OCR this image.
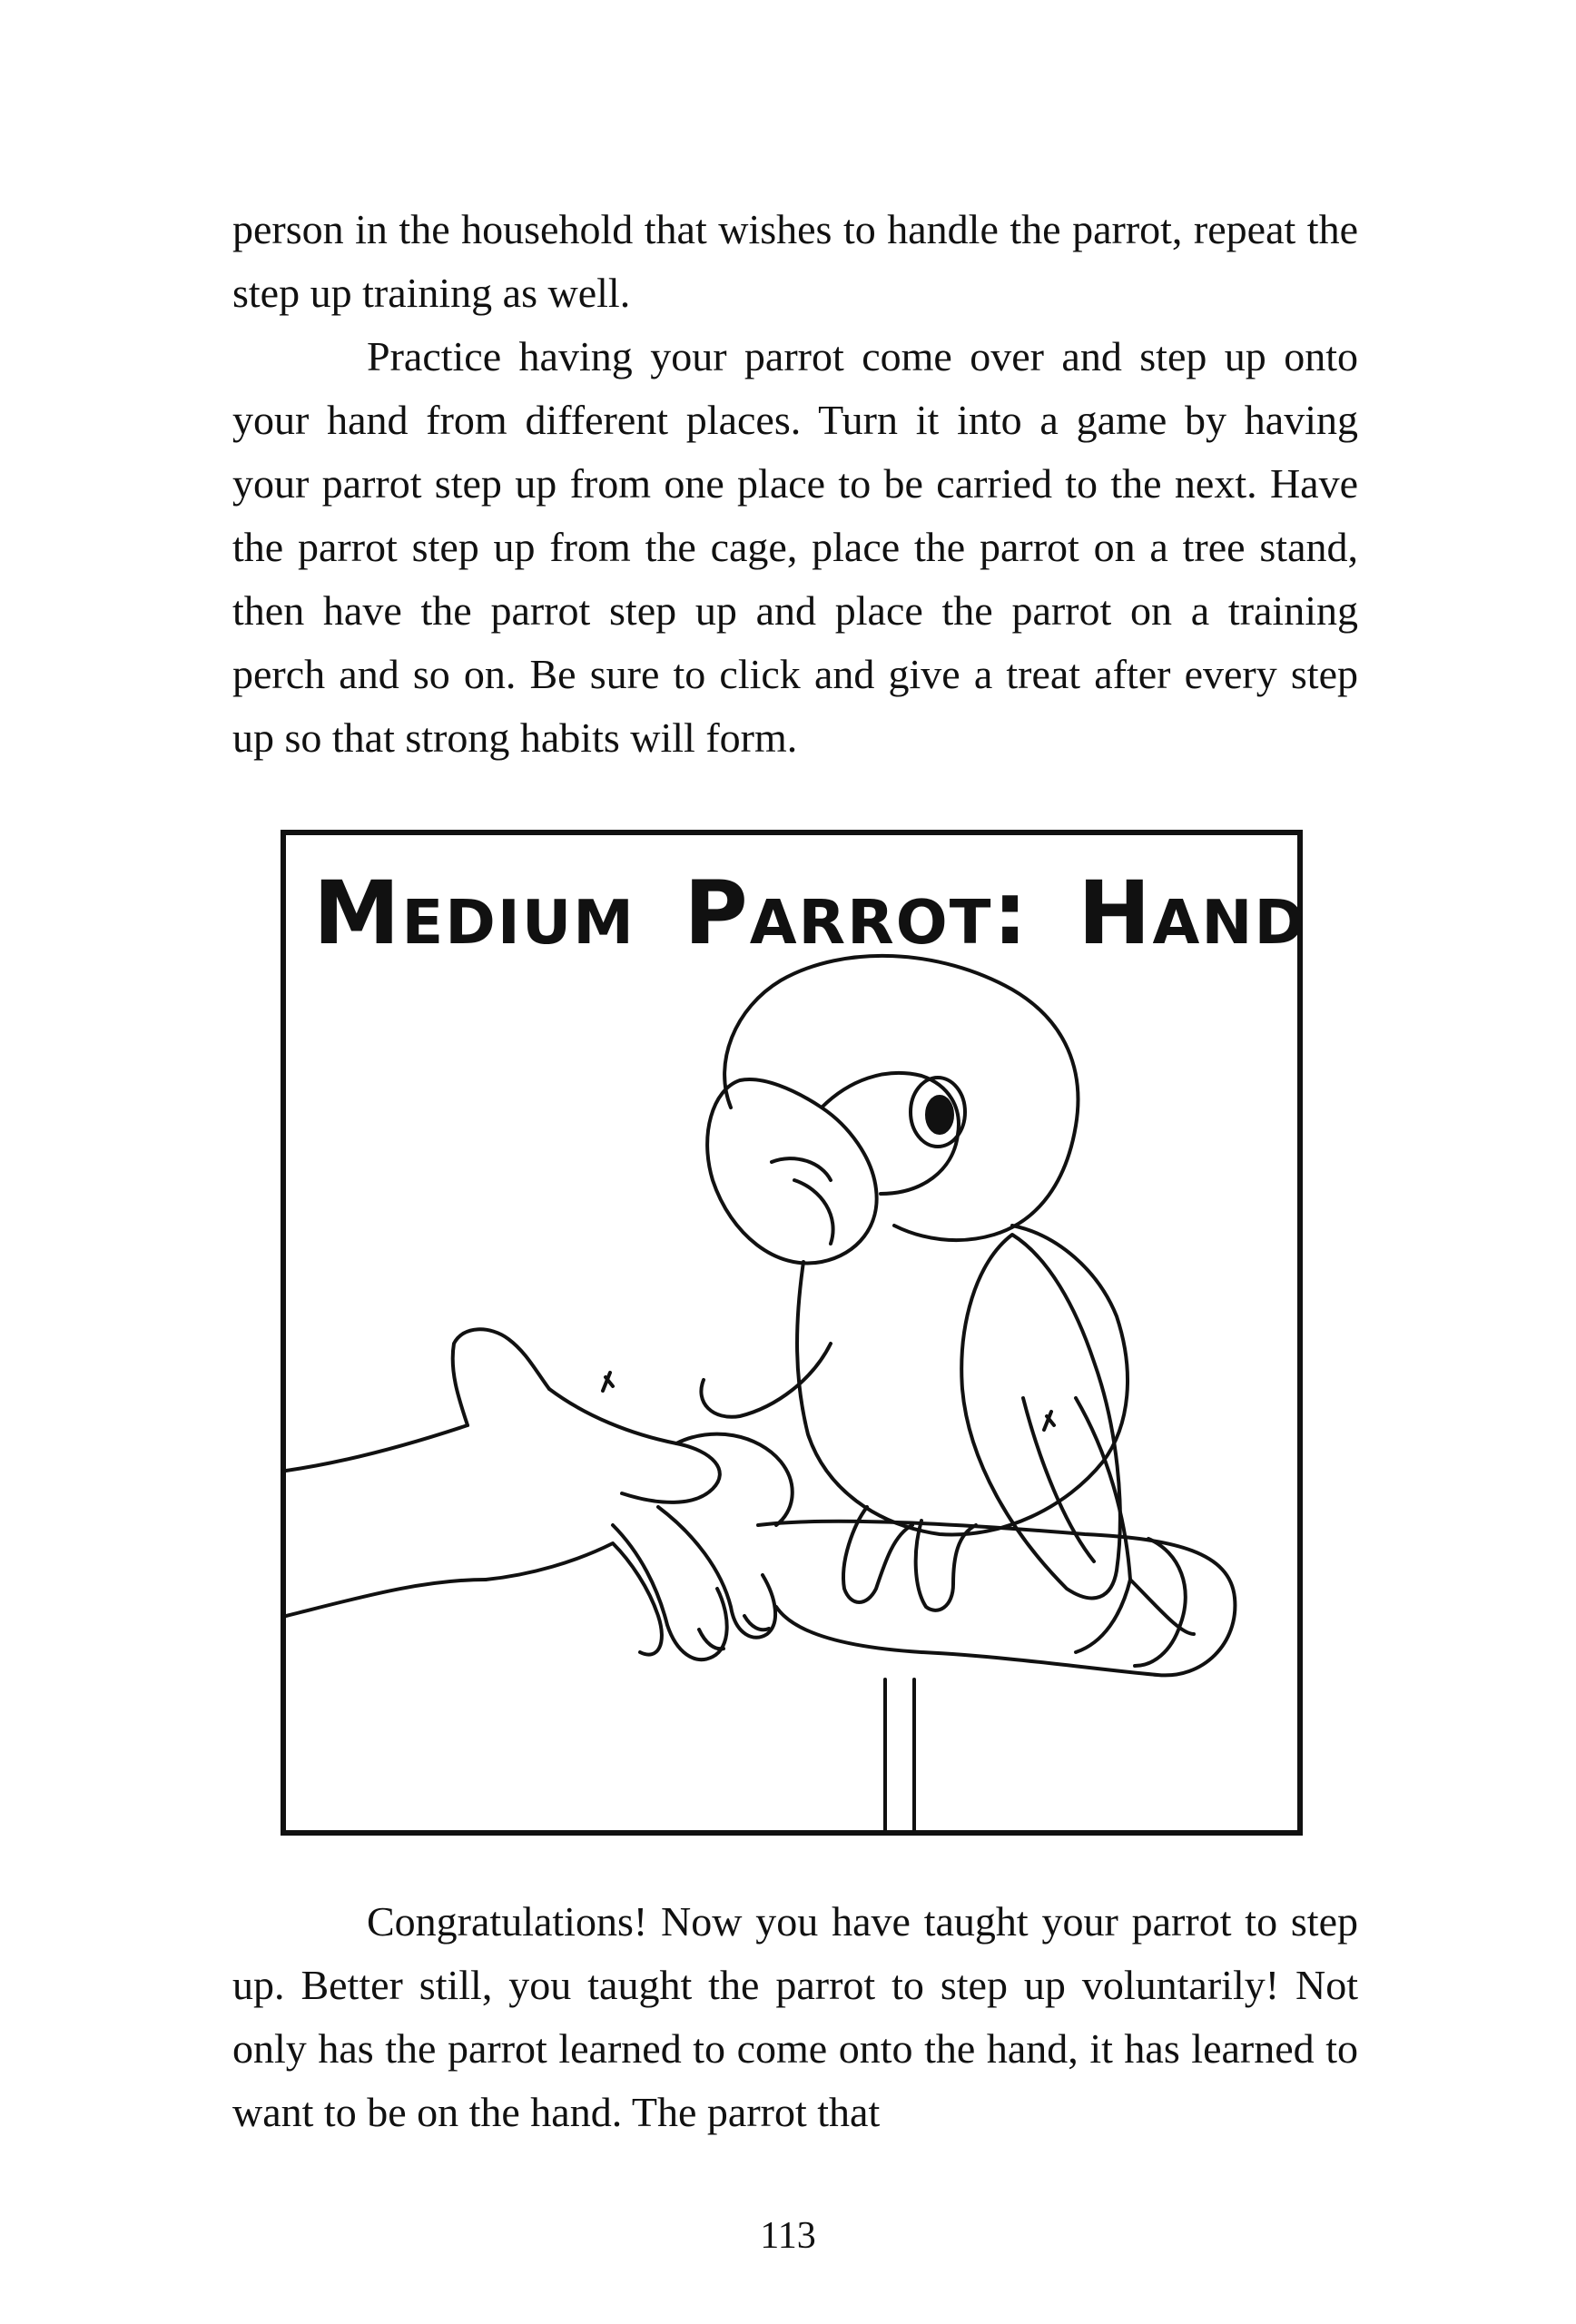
person in the household that wishes to handle the parrot, repeat the step up training as well.

Practice having your parrot come over and step up onto your hand from different places. Turn it into a game by having your parrot step up from one place to be carried to the next. Have the parrot step up from the cage, place the parrot on a tree stand, then have the parrot step up and place the parrot on a training perch and so on. Be sure to click and give a treat after every step up so that strong habits will form.

Medium Parrot: Hand

Congratulations! Now you have taught your parrot to step up. Better still, you taught the parrot to step up voluntarily! Not only has the parrot learned to come onto the hand, it has learned to want to be on the hand. The parrot that

113
